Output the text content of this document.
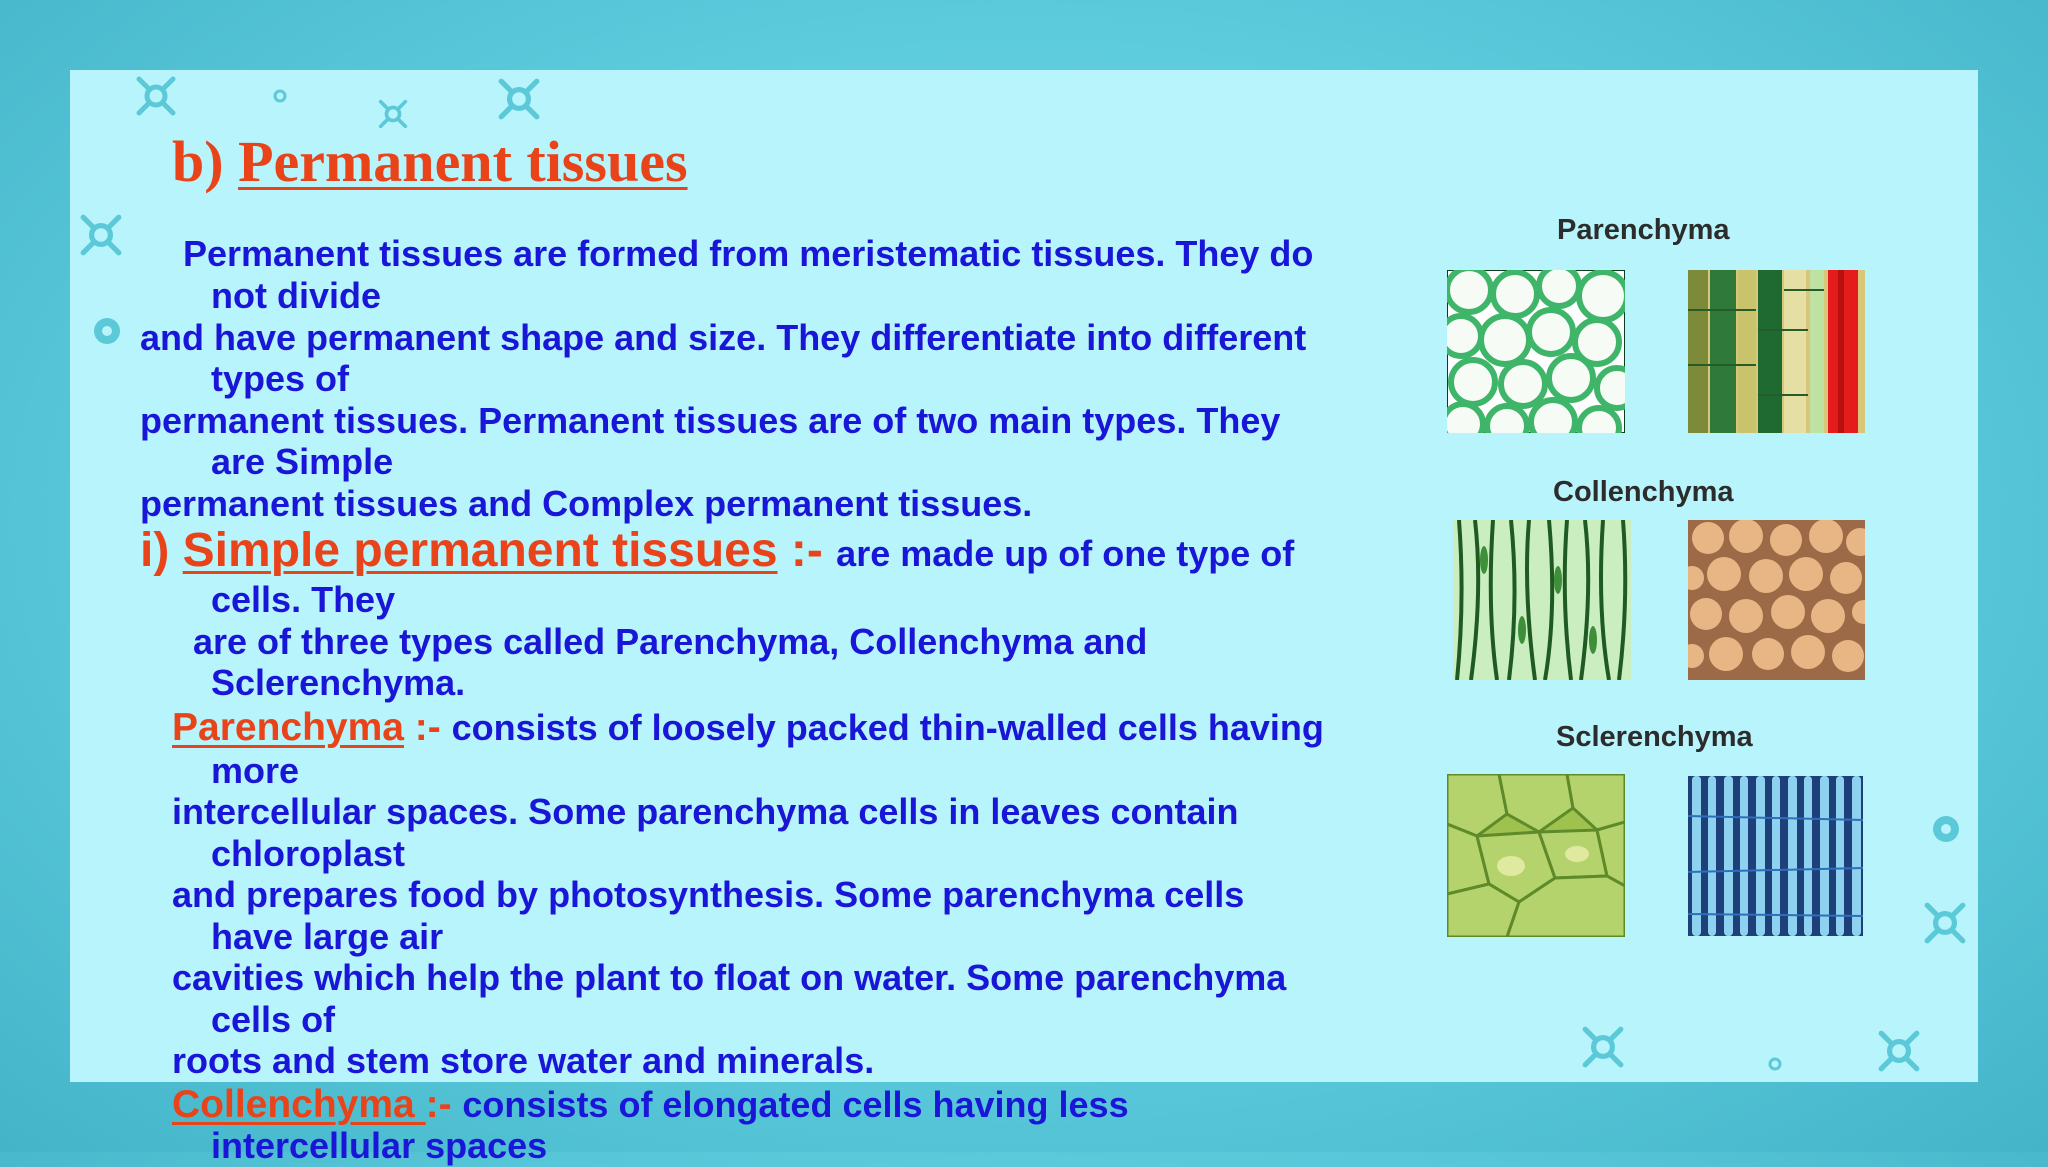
b) Permanent tissues
Permanent tissues are formed from meristematic tissues. They do
not divide
and have permanent shape and size. They differentiate into different
types of
permanent tissues. Permanent tissues are of two main types. They
are Simple
permanent tissues and Complex permanent tissues.
i) Simple permanent tissues :- are made up of one type of
cells. They
are of three types called Parenchyma, Collenchyma and
Sclerenchyma.
Parenchyma :- consists of loosely packed thin-walled cells having
more
intercellular spaces. Some parenchyma cells in leaves contain
chloroplast
and prepares food by photosynthesis. Some parenchyma cells
have large air
cavities which help the plant to float on water. Some parenchyma
cells of
roots and stem store water and minerals.
Collenchyma :- consists of elongated cells having less
intercellular spaces
Parenchyma
Collenchyma
Sclerenchyma
